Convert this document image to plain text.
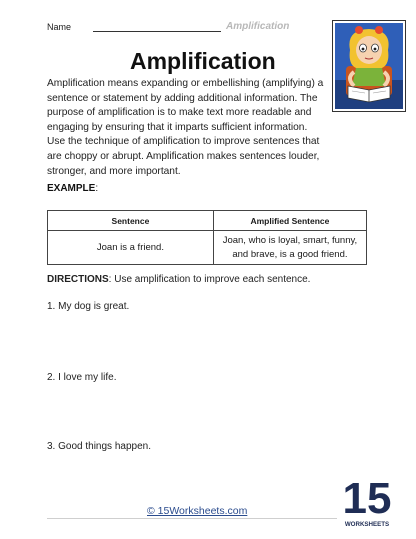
Name	Amplification
Amplification
Amplification means expanding or embellishing (amplifying) a sentence or statement by adding additional information. The purpose of amplification is to make text more readable and engaging by ensuring that it imparts sufficient information. Use the technique of amplification to improve sentences that are choppy or abrupt. Amplification makes sentences louder, stronger, and more important.
EXAMPLE:
Sentence	Amplified Sentence
Joan is a friend.	Joan, who is loyal, smart, funny, and brave, is a good friend.
DIRECTIONS: Use amplification to improve each sentence.
1. My dog is great.
2. I love my life.
3. Good things happen.
© 15Worksheets.com 15
WORKSHEETS
